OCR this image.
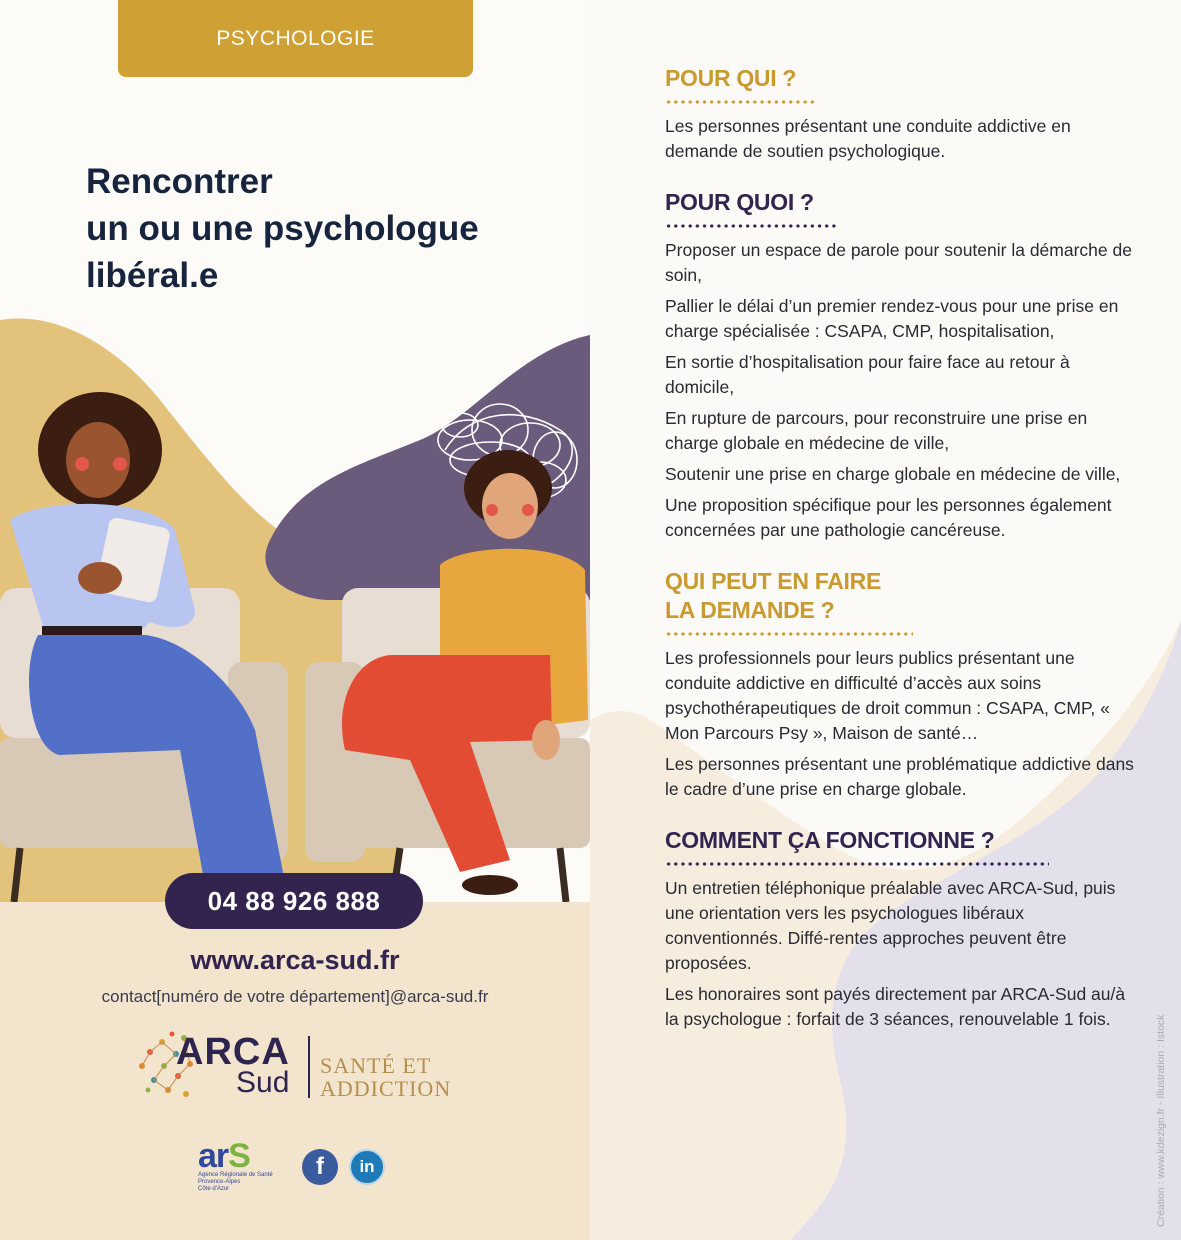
PSYCHOLOGIE
Rencontrer
un ou une psychologue
libéral.e
04 88 926 888
www.arca-sud.fr
contact[numéro de votre département]@arca-sud.fr
ARCA
Sud
SANTÉ ET
ADDICTION
arS
Agence Régionale de Santé
Provence-Alpes
Côte d'Azur
f	in
POUR QUI ?

Les personnes présentant une conduite addictive en demande de soutien psychologique.

POUR QUOI ?

Proposer un espace de parole pour soutenir la démarche de soin,

Pallier le délai d’un premier rendez-vous pour une prise en charge spécialisée : CSAPA, CMP, hospitalisation,

En sortie d’hospitalisation pour faire face au retour à domicile,

En rupture de parcours, pour reconstruire une prise en charge globale en médecine de ville,

Soutenir une prise en charge globale en médecine de ville,

Une proposition spécifique pour les personnes également concernées par une pathologie cancéreuse.

QUI PEUT EN FAIRE
LA DEMANDE ?

Les professionnels pour leurs publics présentant une conduite addictive en difficulté d’accès aux soins psychothérapeutiques de droit commun : CSAPA, CMP, « Mon Parcours Psy », Maison de santé…

Les personnes présentant une problématique addictive dans le cadre d’une prise en charge globale.

COMMENT ÇA FONCTIONNE ?

Un entretien téléphonique préalable avec ARCA-Sud, puis une orientation vers les psychologues libéraux conventionnés. Diffé-rentes approches peuvent être proposées.

Les honoraires sont payés directement par ARCA-Sud au/à la psychologue : forfait de 3 séances, renouvelable 1 fois.	Création : www.kdezign.fr - Illustration : Istock
